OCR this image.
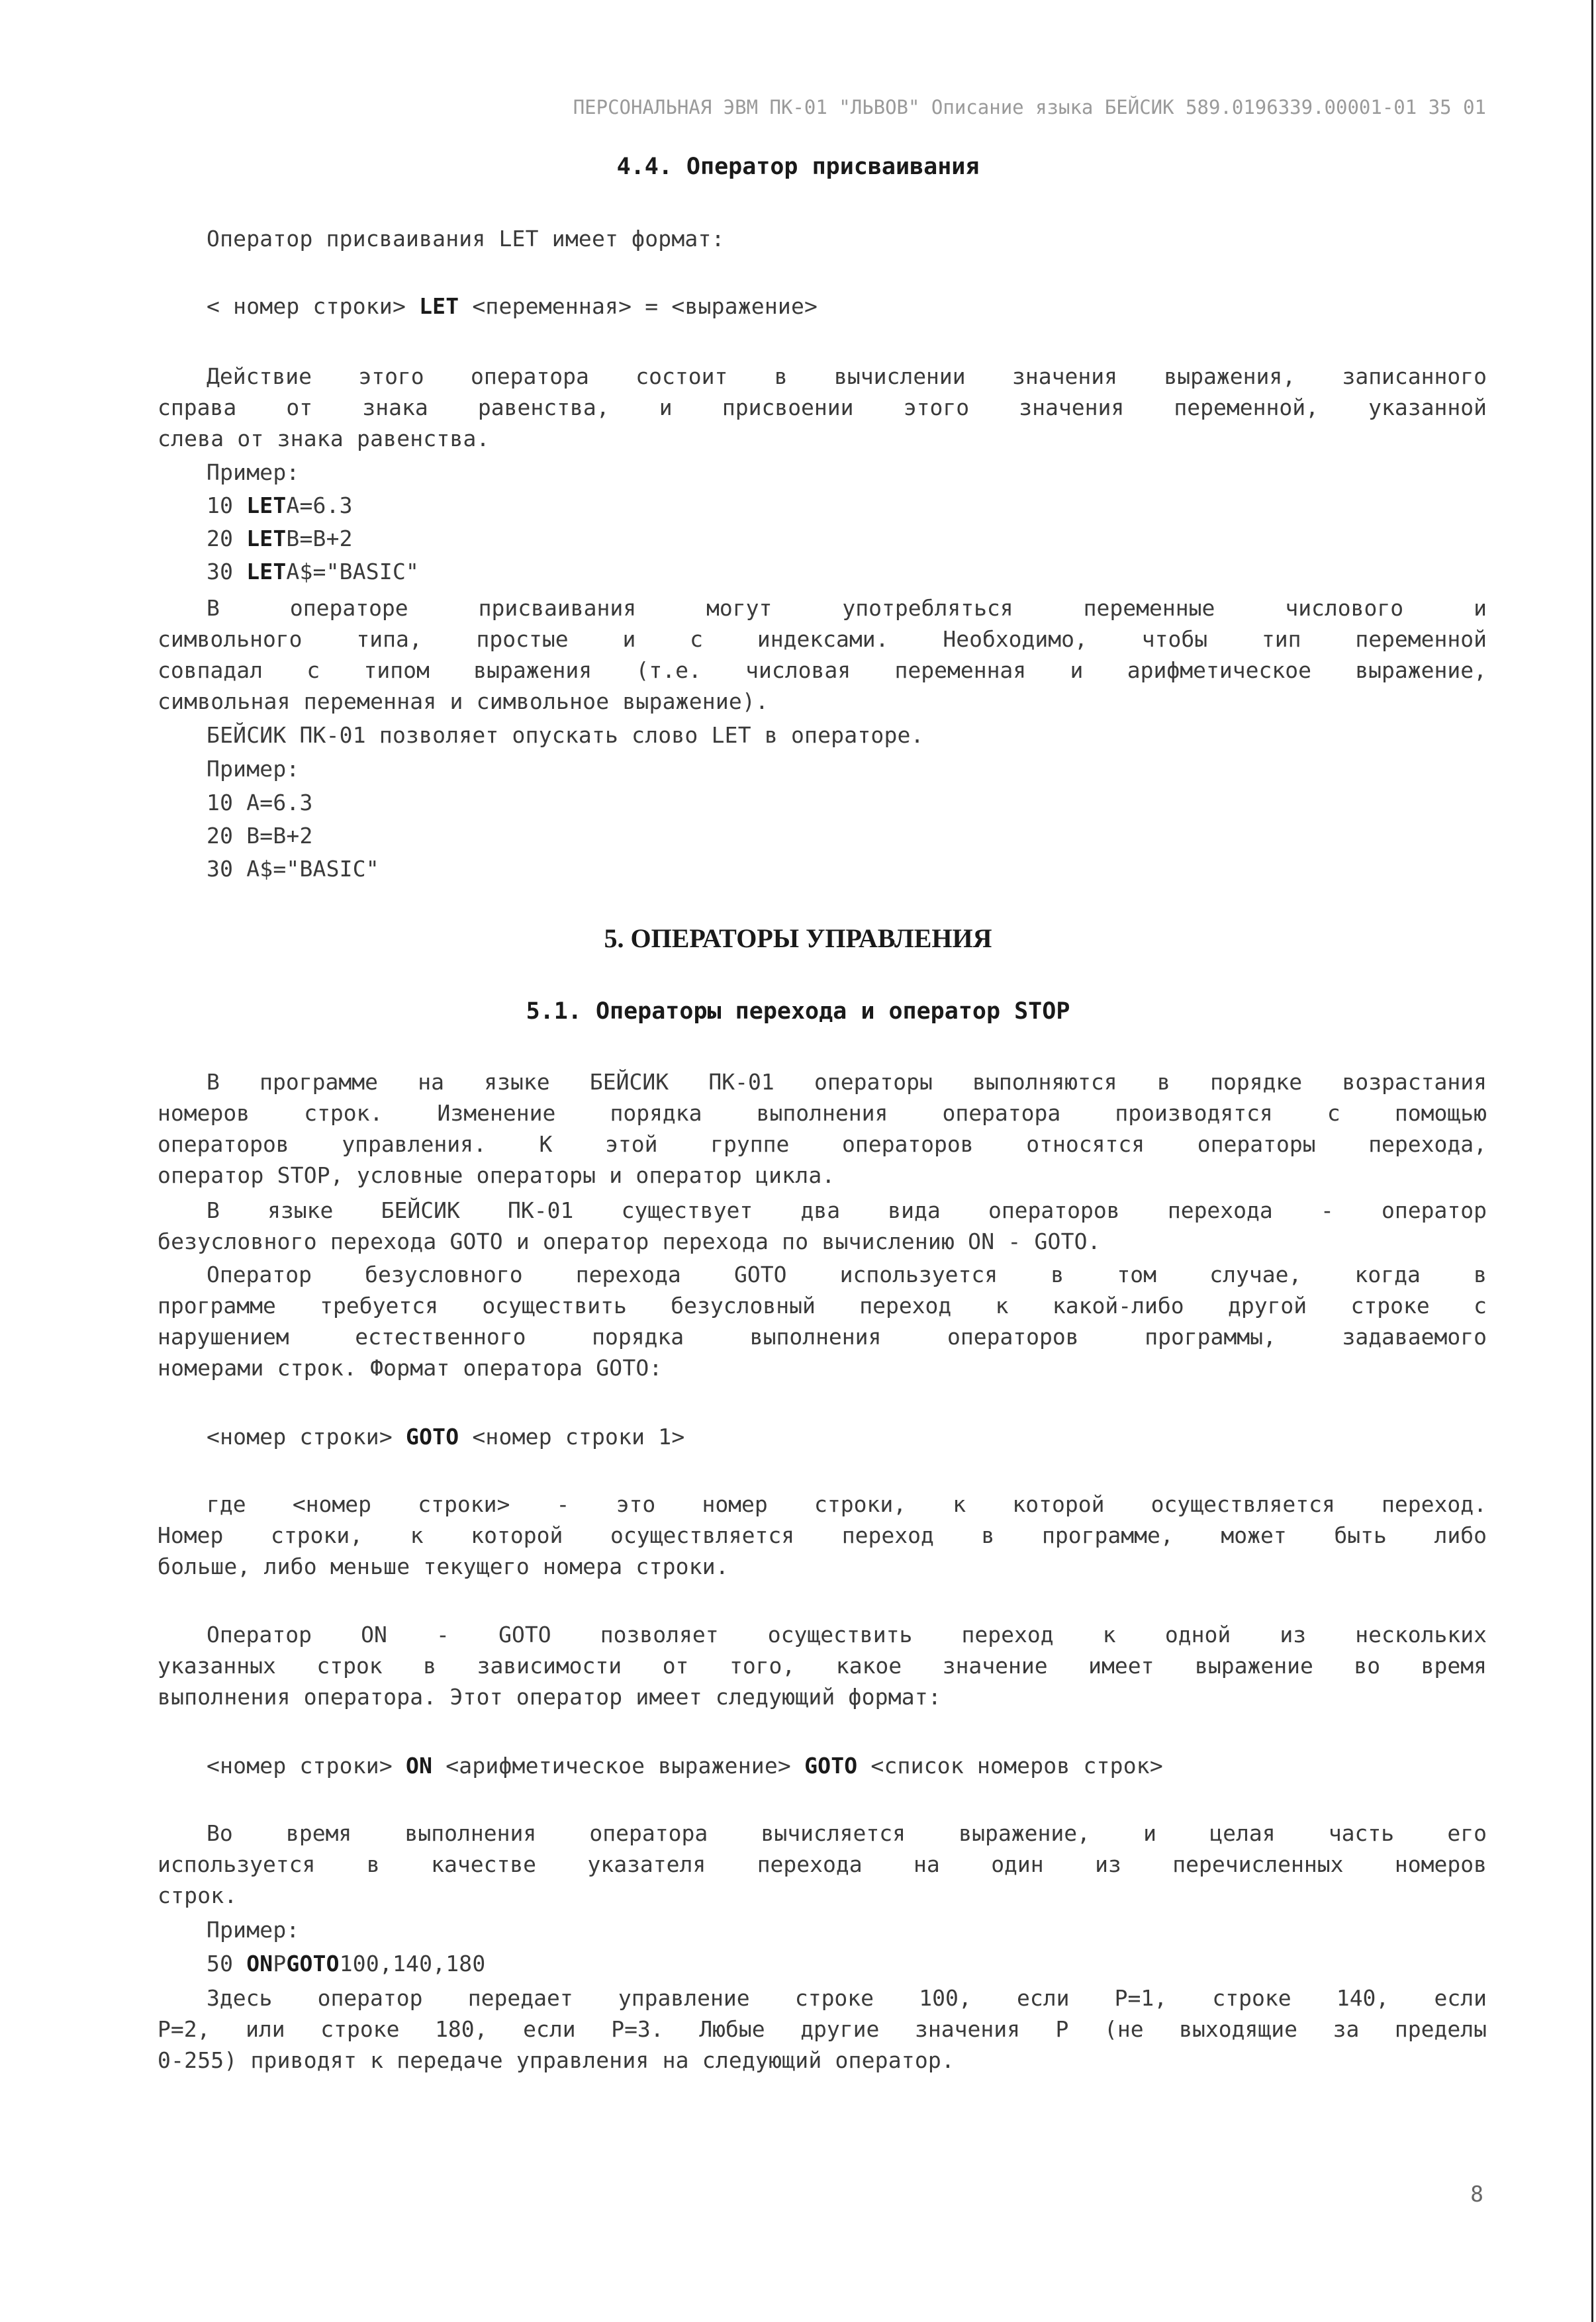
ПЕРСОНАЛЬНАЯ ЭВМ ПК-01 "ЛЬВОВ" Описание языка БЕЙСИК 589.0196339.00001-01 35 01
4.4. Оператор присваивания
Оператор присваивания LET имеет формат:
< номер строки> LET <переменная> = <выражение>
Действие этого оператора состоит в вычислении значения выражения, записанного
справа от знака равенства, и присвоении этого значения переменной, указанной
слева от знака равенства.
Пример:
10 LETA=6.3
20 LETB=B+2
30 LETA$="BASIC"
В операторе присваивания могут употребляться переменные числового и
символьного типа, простые и с индексами. Необходимо, чтобы тип переменной
совпадал с типом выражения (т.е. числовая переменная и арифметическое выражение,
символьная переменная и символьное выражение).
БЕЙСИК ПК-01 позволяет опускать слово LET в операторе.
Пример:
10 A=6.3
20 B=B+2
30 A$="BASIC"
5. ОПЕРАТОРЫ УПРАВЛЕНИЯ
5.1. Операторы перехода и оператор STOP
В программе на языке БЕЙСИК ПК-01 операторы выполняются в порядке возрастания
номеров строк. Изменение порядка выполнения оператора производятся с помощью
операторов управления. К этой группе операторов относятся операторы перехода,
оператор STOP, условные операторы и оператор цикла.
В языке БЕЙСИК ПК-01 существует два вида операторов перехода - оператор
безусловного перехода GOTO и оператор перехода по вычислению ON - GOTO.
Оператор безусловного перехода GOTO используется в том случае, когда в
программе требуется осуществить безусловный переход к какой-либо другой строке с
нарушением естественного порядка выполнения операторов программы, задаваемого
номерами строк. Формат оператора GOTO:
<номер строки> GOTO <номер строки 1>
где <номер строки> - это номер строки, к которой осуществляется переход.
Номер строки, к которой осуществляется переход в программе, может быть либо
больше, либо меньше текущего номера строки.
Оператор ON - GOTO позволяет осуществить переход к одной из нескольких
указанных строк в зависимости от того, какое значение имеет выражение во время
выполнения оператора. Этот оператор имеет следующий формат:
<номер строки> ON <арифметическое выражение> GOTO <список номеров строк>
Во время выполнения оператора вычисляется выражение, и целая часть его
используется в качестве указателя перехода на один из перечисленных номеров
строк.
Пример:
50 ONPGOTO100,140,180
Здесь оператор передает управление строке 100, если P=1, строке 140, если
P=2, или строке 180, если P=3. Любые другие значения P (не выходящие за пределы
0-255) приводят к передаче управления на следующий оператор.
8
